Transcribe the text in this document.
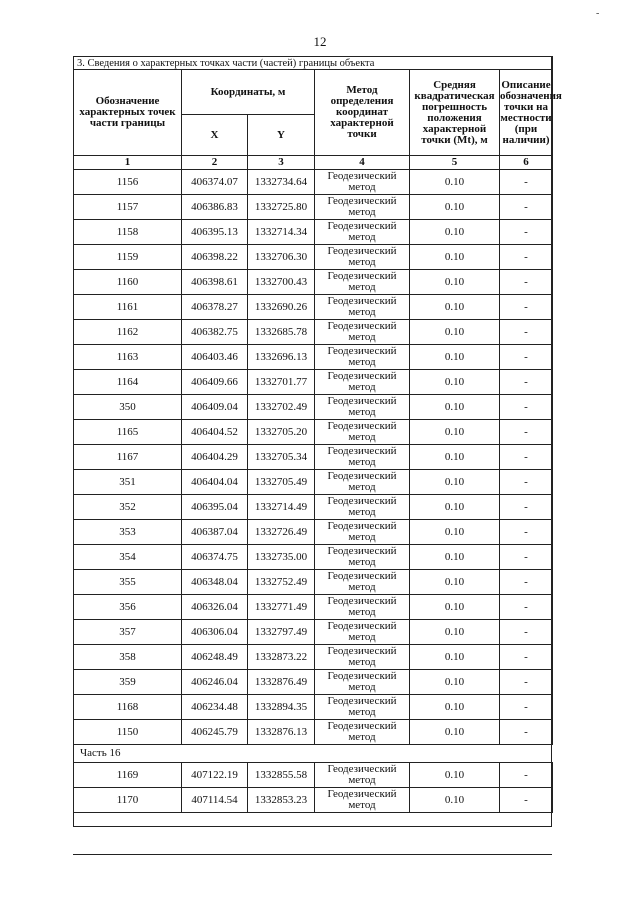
12
-
3. Сведения о характерных точках части (частей) границы объекта					
Обозначение характерных точек части границы	Координаты, м		Метод определения координат характерной точки	Средняя квадратическая погрешность положения характерной точки (Mt), м	Описание обозначения точки на местности (при наличии)
	X	Y			
1	2	3	4	5	6
1156	406374.07	1332734.64	Геодезический метод	0.10	-
1157	406386.83	1332725.80	Геодезический метод	0.10	-
1158	406395.13	1332714.34	Геодезический метод	0.10	-
1159	406398.22	1332706.30	Геодезический метод	0.10	-
1160	406398.61	1332700.43	Геодезический метод	0.10	-
1161	406378.27	1332690.26	Геодезический метод	0.10	-
1162	406382.75	1332685.78	Геодезический метод	0.10	-
1163	406403.46	1332696.13	Геодезический метод	0.10	-
1164	406409.66	1332701.77	Геодезический метод	0.10	-
350	406409.04	1332702.49	Геодезический метод	0.10	-
1165	406404.52	1332705.20	Геодезический метод	0.10	-
1167	406404.29	1332705.34	Геодезический метод	0.10	-
351	406404.04	1332705.49	Геодезический метод	0.10	-
352	406395.04	1332714.49	Геодезический метод	0.10	-
353	406387.04	1332726.49	Геодезический метод	0.10	-
354	406374.75	1332735.00	Геодезический метод	0.10	-
355	406348.04	1332752.49	Геодезический метод	0.10	-
356	406326.04	1332771.49	Геодезический метод	0.10	-
357	406306.04	1332797.49	Геодезический метод	0.10	-
358	406248.49	1332873.22	Геодезический метод	0.10	-
359	406246.04	1332876.49	Геодезический метод	0.10	-
1168	406234.48	1332894.35	Геодезический метод	0.10	-
1150	406245.79	1332876.13	Геодезический метод	0.10	-
Часть 16					
1169	407122.19	1332855.58	Геодезический метод	0.10	-
1170	407114.54	1332853.23	Геодезический метод	0.10	-
